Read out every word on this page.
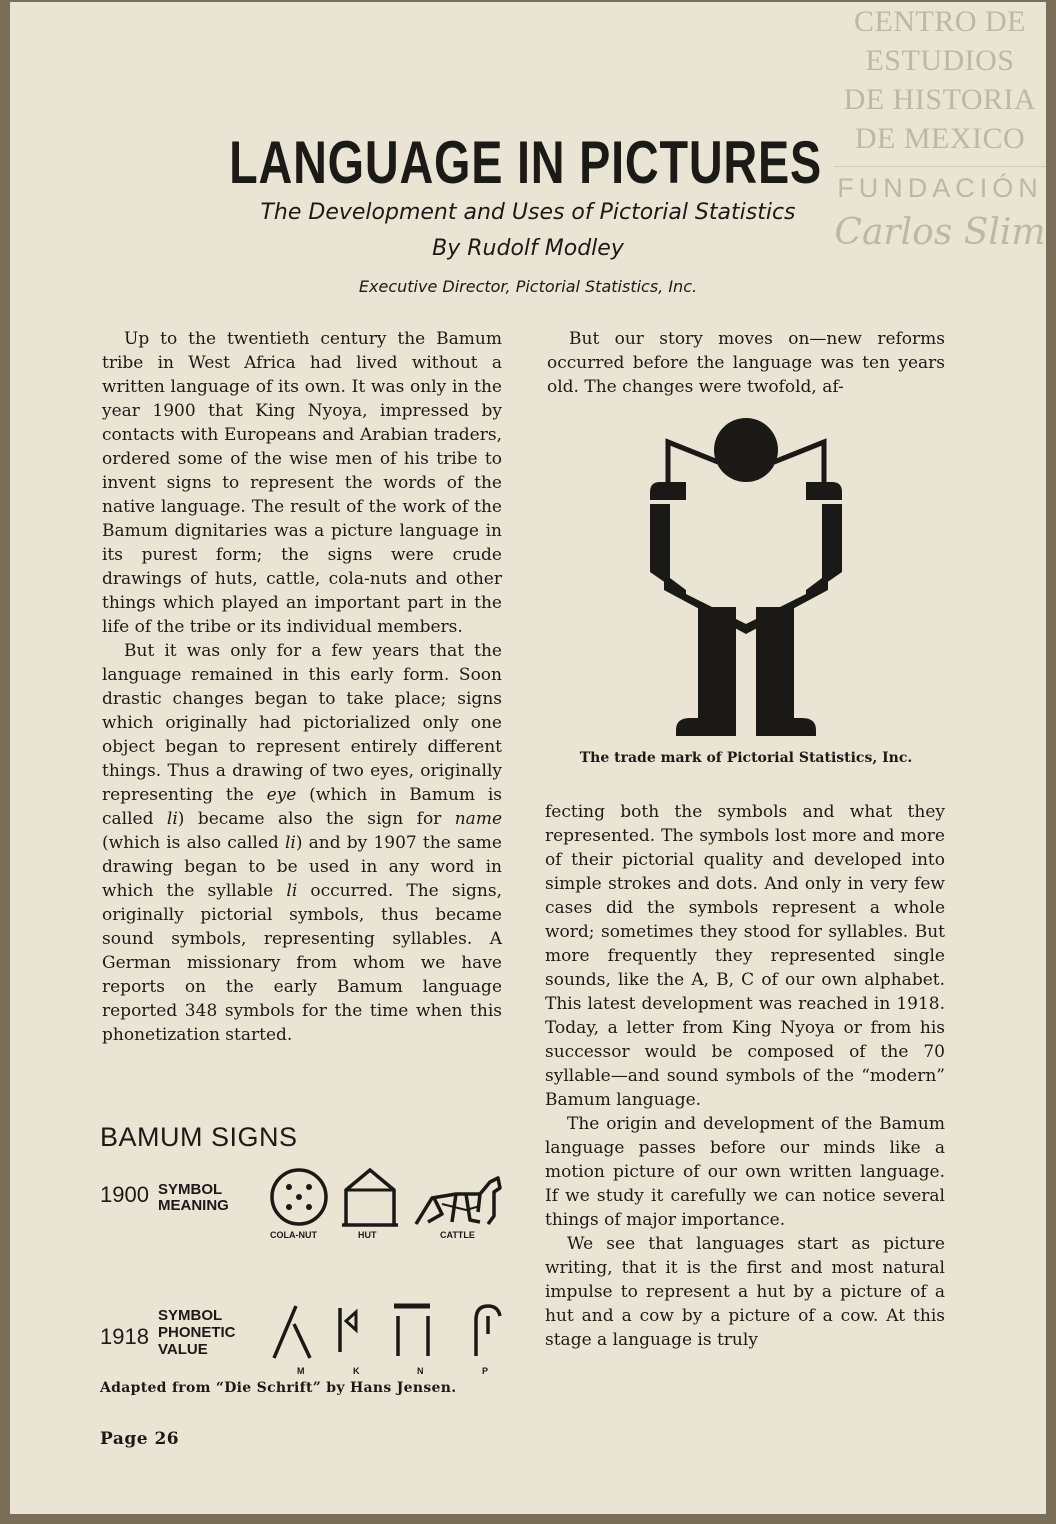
CENTRO DE
ESTUDIOS
DE HISTORIA
DE MEXICO
FUNDACIÓN
Carlos Slim
LANGUAGE IN PICTURES
The Development and Uses of Pictorial Statistics
By Rudolf Modley
Executive Director, Pictorial Statistics, Inc.

Up to the twentieth century the Bamum tribe in West Africa had lived without a written language of its own. It was only in the year 1900 that King Nyoya, impressed by contacts with Europeans and Arabian traders, ordered some of the wise men of his tribe to invent signs to represent the words of the native language. The result of the work of the Bamum dignitaries was a picture language in its purest form; the signs were crude drawings of huts, cattle, cola-nuts and other things which played an important part in the life of the tribe or its individual members.

But it was only for a few years that the language remained in this early form. Soon drastic changes began to take place; signs which originally had pictorialized only one object began to represent entirely different things. Thus a drawing of two eyes, originally representing the eye (which in Bamum is called li) became also the sign for name (which is also called li) and by 1907 the same drawing began to be used in any word in which the syllable li occurred. The signs, originally pictorial symbols, thus became sound symbols, representing syllables. A German missionary from whom we have reports on the early Bamum language reported 348 symbols for the time when this phonetization started.

But our story moves on—new reforms occurred before the language was ten years old. The changes were twofold, af-

The trade mark of Pictorial Statistics, Inc.

fecting both the symbols and what they represented. The symbols lost more and more of their pictorial quality and developed into simple strokes and dots. And only in very few cases did the symbols represent a whole word; sometimes they stood for syllables. But more frequently they represented single sounds, like the A, B, C of our own alphabet. This latest development was reached in 1918. Today, a letter from King Nyoya or from his successor would be composed of the 70 syllable—and sound symbols of the “modern” Bamum language.

The origin and development of the Bamum language passes before our minds like a motion picture of our own written language. If we study it carefully we can notice several things of major importance.

We see that languages start as picture writing, that it is the first and most natural impulse to represent a hut by a picture of a hut and a cow by a picture of a cow. At this stage a language is truly

BAMUM SIGNS
1900 SYMBOL
MEANING
COLA-NUT	HUT	CATTLE
1918
SYMBOL
PHONETIC
VALUE
M	K	N	P
Adapted from “Die Schrift” by Hans Jensen.
Page 26
